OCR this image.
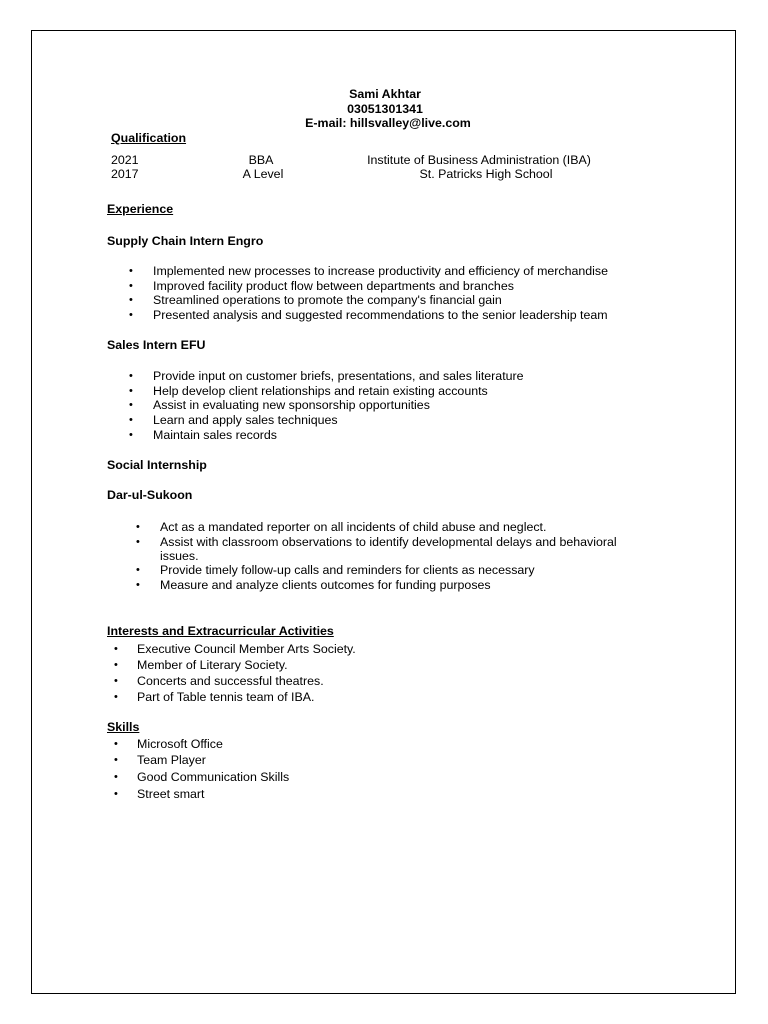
Sami Akhtar
03051301341
E-mail: hillsvalley@live.com
Qualification
2021	BBA	Institute of Business Administration (IBA)
2017	A Level	St. Patricks High School
Experience
Supply Chain Intern Engro
• Implemented new processes to increase productivity and efficiency of merchandise
• Improved facility product flow between departments and branches
• Streamlined operations to promote the company's financial gain
• Presented analysis and suggested recommendations to the senior leadership team
Sales Intern EFU
• Provide input on customer briefs, presentations, and sales literature
• Help develop client relationships and retain existing accounts
• Assist in evaluating new sponsorship opportunities
• Learn and apply sales techniques
• Maintain sales records
Social Internship
Dar-ul-Sukoon
• Act as a mandated reporter on all incidents of child abuse and neglect.
• Assist with classroom observations to identify developmental delays and behavioral
issues.
• Provide timely follow-up calls and reminders for clients as necessary
• Measure and analyze clients outcomes for funding purposes
Interests and Extracurricular Activities
• Executive Council Member Arts Society.
• Member of Literary Society.
• Concerts and successful theatres.
• Part of Table tennis team of IBA.
Skills
• Microsoft Office
• Team Player
• Good Communication Skills
• Street smart
